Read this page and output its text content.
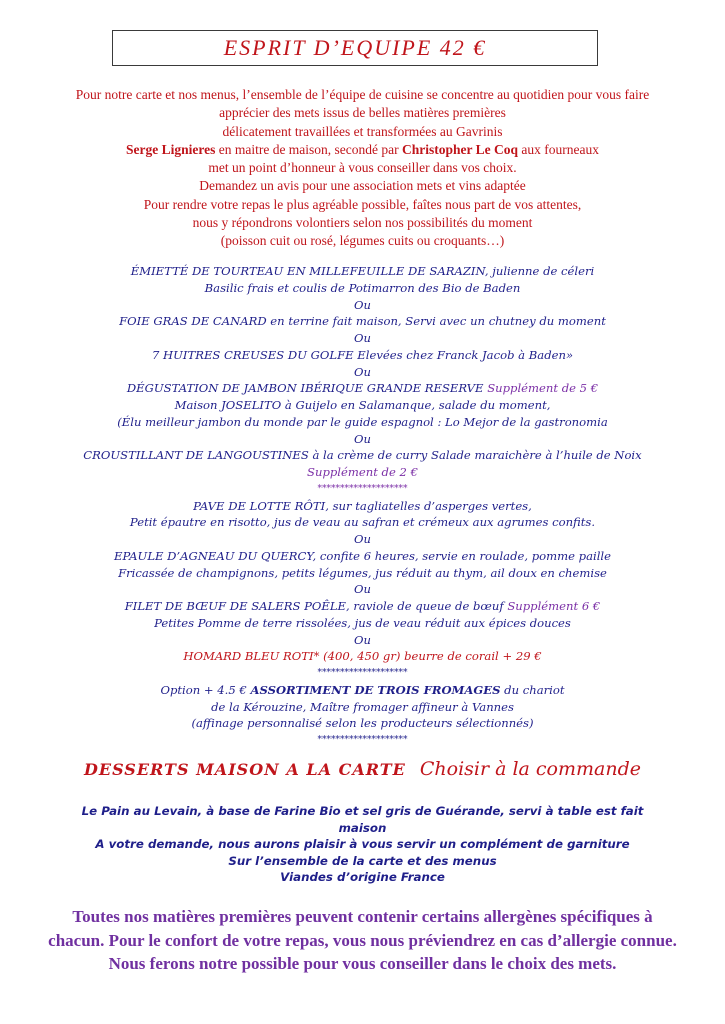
ESPRIT D’EQUIPE 42 €
Pour notre carte et nos menus, l’ensemble de l’équipe de cuisine se concentre au quotidien pour vous faire
apprécier des mets issus de belles matières premières
délicatement travaillées et transformées au Gavrinis
Serge Lignieres en maitre de maison, secondé par Christopher Le Coq aux fourneaux
met un point d’honneur à vous conseiller dans vos choix.
Demandez un avis pour une association mets et vins adaptée
Pour rendre votre repas le plus agréable possible, faîtes nous part de vos attentes,
nous y répondrons volontiers selon nos possibilités du moment
(poisson cuit ou rosé, légumes cuits ou croquants…)
ÉMIETTÉ DE TOURTEAU EN MILLEFEUILLE DE SARAZIN, julienne de céleri
Basilic frais et coulis de Potimarron des Bio de Baden
Ou
FOIE GRAS DE CANARD en terrine fait maison, Servi avec un chutney du moment
Ou
7 HUITRES CREUSES DU GOLFE Elevées chez Franck Jacob à Baden»
Ou
DÉGUSTATION DE JAMBON IBÉRIQUE GRANDE RESERVE Supplément de 5 €
Maison JOSELITO à Guijelo en Salamanque, salade du moment,
(Élu meilleur jambon du monde par le guide espagnol : Lo Mejor de la gastronomia
Ou
CROUSTILLANT DE LANGOUSTINES à la crème de curry Salade maraichère à l’huile de Noix
Supplément de 2 €
********************
PAVE DE LOTTE RÔTI, sur tagliatelles d’asperges vertes,
Petit épautre en risotto, jus de veau au safran et crémeux aux agrumes confits.
Ou
EPAULE D’AGNEAU DU QUERCY, confite 6 heures, servie en roulade, pomme paille
Fricassée de champignons, petits légumes, jus réduit au thym, ail doux en chemise
Ou
FILET DE BŒUF DE SALERS POÊLE, raviole de queue de bœuf Supplément 6 €
Petites Pomme de terre rissolées, jus de veau réduit aux épices douces
Ou
HOMARD BLEU ROTI* (400, 450 gr) beurre de corail + 29 €
********************
Option + 4.5 € ASSORTIMENT DE TROIS FROMAGES du chariot
de la Kérouzine, Maître fromager affineur à Vannes
(affinage personnalisé selon les producteurs sélectionnés)
********************
DESSERTS MAISON A LA CARTE Choisir à la commande
Le Pain au Levain, à base de Farine Bio et sel gris de Guérande, servi à table est fait
maison
A votre demande, nous aurons plaisir à vous servir un complément de garniture
Sur l’ensemble de la carte et des menus
Viandes d’origine France
Toutes nos matières premières peuvent contenir certains allergènes spécifiques à
chacun. Pour le confort de votre repas, vous nous préviendrez en cas d’allergie connue.
Nous ferons notre possible pour vous conseiller dans le choix des mets.
